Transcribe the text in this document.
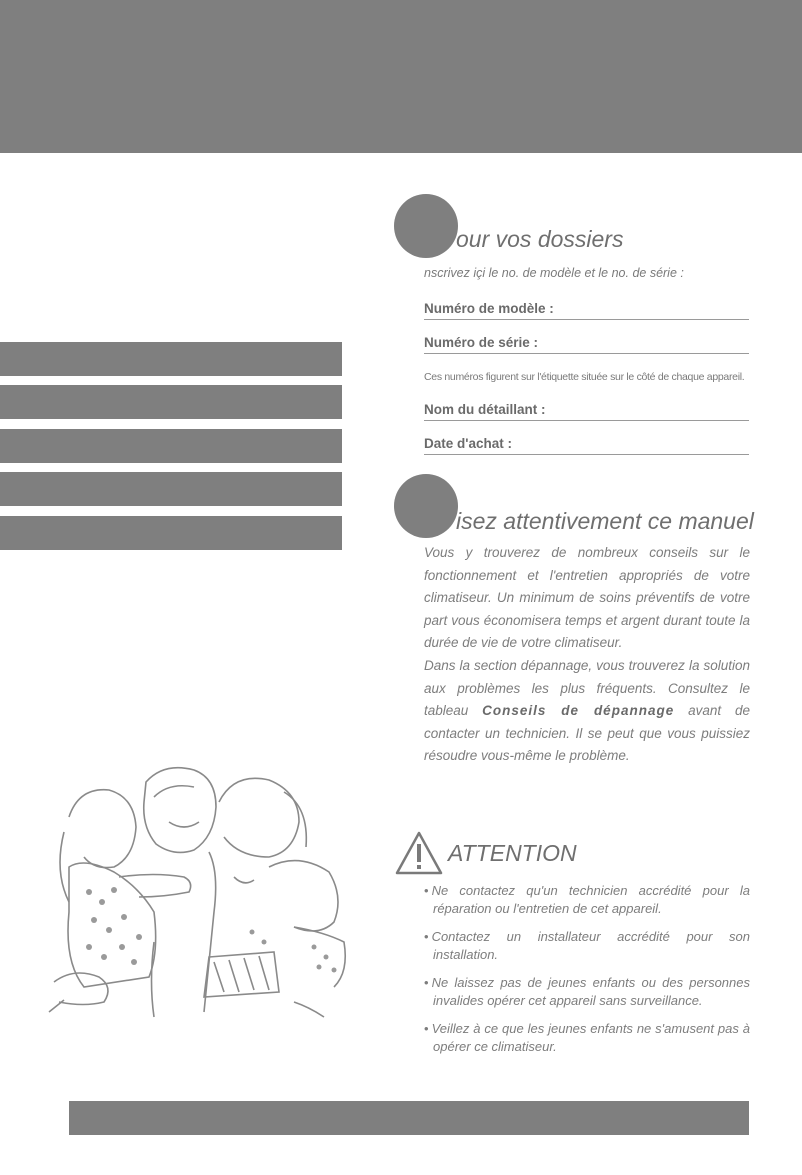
our vos dossiers
nscrivez içi le no. de modèle et le no. de série :
Numéro de modèle :
Numéro de série :
Ces numéros figurent sur l'étiquette située sur le côté de chaque appareil.
Nom du détaillant :
Date d'achat :
isez attentivement ce manuel
Vous y trouverez de nombreux conseils sur le fonctionnement et l'entretien appropriés de votre climatiseur. Un minimum de soins préventifs de votre part vous économisera temps et argent durant toute la durée de vie de votre climatiseur.
Dans la section dépannage, vous trouverez la solution aux problèmes les plus fréquents. Consultez le tableau Conseils de dépannage avant de contacter un technicien. Il se peut que vous puissiez résoudre vous-même le problème.
ATTENTION
• Ne contactez qu'un technicien accrédité pour la réparation ou l'entretien de cet appareil.
• Contactez un installateur accrédité pour son installation.
• Ne laissez pas de jeunes enfants ou des personnes invalides opérer cet appareil sans surveillance.
• Veillez à ce que les jeunes enfants ne s'amusent pas à opérer ce climatiseur.
